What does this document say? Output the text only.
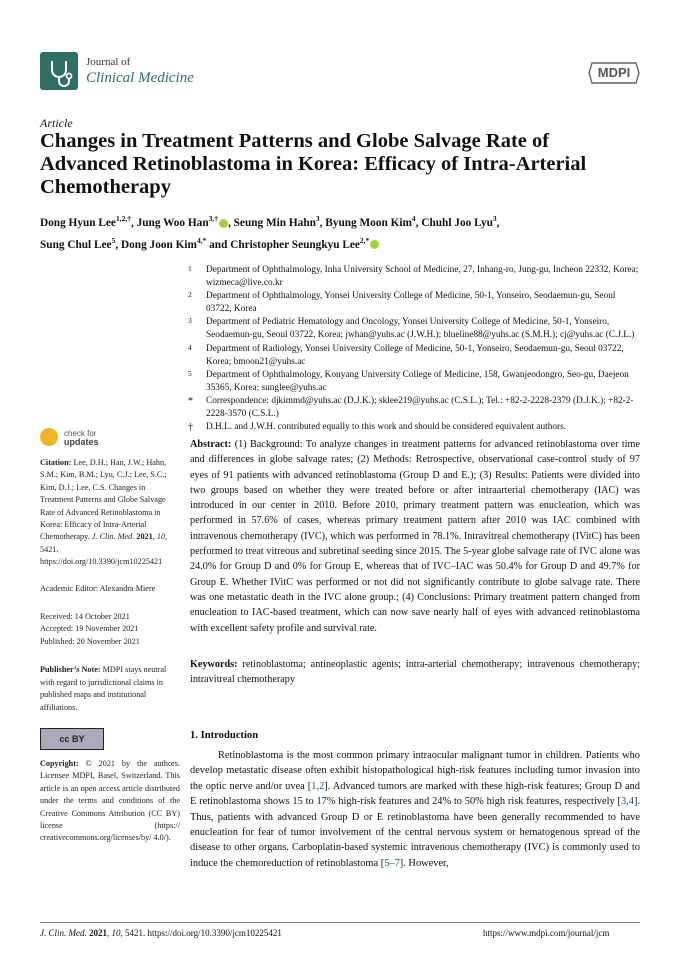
Journal of
Clinical Medicine	MDPI
Article
Changes in Treatment Patterns and Globe Salvage Rate of Advanced Retinoblastoma in Korea: Efficacy of Intra-Arterial Chemotherapy
Dong Hyun Lee$^{1,2,\dagger}$, Jung Woo Han$^{3,\dagger}$ , Seung Min Hahn$^3$, Byung Moon Kim$^4$, Chuhl Joo Lyu$^3$,
Sung Chul Lee$^5$, Dong Joon Kim$^{4,*}$ and Christopher Seungkyu Lee$^{2,*}$
1 Department of Ophthalmology, Inha University School of Medicine, 27, Inhang-ro, Jung-gu, Incheon 22332, Korea; wizmeca@live.co.kr
2 Department of Ophthalmology, Yonsei University College of Medicine, 50-1, Yonseiro, Seodaemun-gu, Seoul 03722, Korea
3 Department of Pediatric Hematology and Oncology, Yonsei University College of Medicine, 50-1, Yonseiro, Seodaemun-gu, Seoul 03722, Korea; jwhan@yuhs.ac (J.W.H.); blueline88@yuhs.ac (S.M.H.); cj@yuhs.ac (C.J.L.)
4 Department of Radiology, Yonsei University College of Medicine, 50-1, Yonseiro, Seodaemun-gu, Seoul 03722, Korea; bmoon21@yuhs.ac
5 Department of Ophthalmology, Konyang University College of Medicine, 158, Gwanjeodongro, Seo-gu, Daejeon 35365, Korea; sunglee@yuhs.ac
* Correspondence: djkimmd@yuhs.ac (D.J.K.); sklee219@yuhs.ac (C.S.L.); Tel.: +82-2-2228-2379 (D.J.K.); +82-2-2228-3570 (C.S.L.)
† D.H.L. and J.W.H. contributed equally to this work and should be considered equivalent authors.
check for
updates

Citation: Lee, D.H.; Han, J.W.; Hahn, S.M.; Kim, B.M.; Lyu, C.J.; Lee, S.C.; Kim, D.J.; Lee, C.S. Changes in Treatment Patterns and Globe Salvage Rate of Advanced Retinoblastoma in Korea: Efficacy of Intra-Arterial Chemotherapy. J. Clin. Med. 2021, 10, 5421. https://doi.org/10.3390/jcm10225421

Academic Editor: Alexandra Miere

Received: 14 October 2021
Accepted: 19 November 2021

Published: 20 November 2021

Publisher’s Note: MDPI stays neutral with regard to jurisdictional claims in published maps and institutional affiliations.

cc BY

Copyright: © 2021 by the authors. Licensee MDPI, Basel, Switzerland. This article is an open access article distributed under the terms and conditions of the Creative Commons Attribution (CC BY) license (https:// creativecommons.org/licenses/by/ 4.0/).

Abstract: (1) Background: To analyze changes in treatment patterns for advanced retinoblastoma over time and differences in globe salvage rates; (2) Methods: Retrospective, observational case-control study of 97 eyes of 91 patients with advanced retinoblastoma (Group D and E.); (3) Results: Patients were divided into two groups based on whether they were treated before or after intraarterial chemotherapy (IAC) was introduced in our center in 2010. Before 2010, primary treatment pattern was enucleation, which was performed in 57.6% of cases, whereas primary treatment pattern after 2010 was IAC combined with intravenous chemotherapy (IVC), which was performed in 78.1%. Intravitreal chemotherapy (IVitC) has been performed to treat vitreous and subretinal seeding since 2015. The 5-year globe salvage rate of IVC alone was 24.0% for Group D and 0% for Group E, whereas that of IVC–IAC was 50.4% for Group D and 49.7% for Group E. Whether IVitC was performed or not did not significantly contribute to globe salvage rate. There was one metastatic death in the IVC alone group.; (4) Conclusions: Primary treatment pattern changed from enucleation to IAC-based treatment, which can now save nearly half of eyes with advanced retinoblastoma with excellent safety profile and survival rate.
Keywords: retinoblastoma; antineoplastic agents; intra-arterial chemotherapy; intravenous chemotherapy; intravitreal chemotherapy
1. Introduction
Retinoblastoma is the most common primary intraocular malignant tumor in children. Patients who develop metastatic disease often exhibit histopathological high-risk features including tumor invasion into the optic nerve and/or uvea [1,2]. Advanced tumors are marked with these high-risk features; Group D and E retinoblastoma shows 15 to 17% high-risk features and 24% to 50% high risk features, respectively [3,4]. Thus, patients with advanced Group D or E retinoblastoma have been generally recommended to have enucleation for fear of tumor involvement of the central nervous system or hematogenous spread of the disease to other organs. Carboplatin-based systemic intravenous chemotherapy (IVC) is commonly used to induce the chemoreduction of retinoblastoma [5–7]. However,
J. Clin. Med. 2021, 10, 5421. https://doi.org/10.3390/jcm10225421	https://www.mdpi.com/journal/jcm
